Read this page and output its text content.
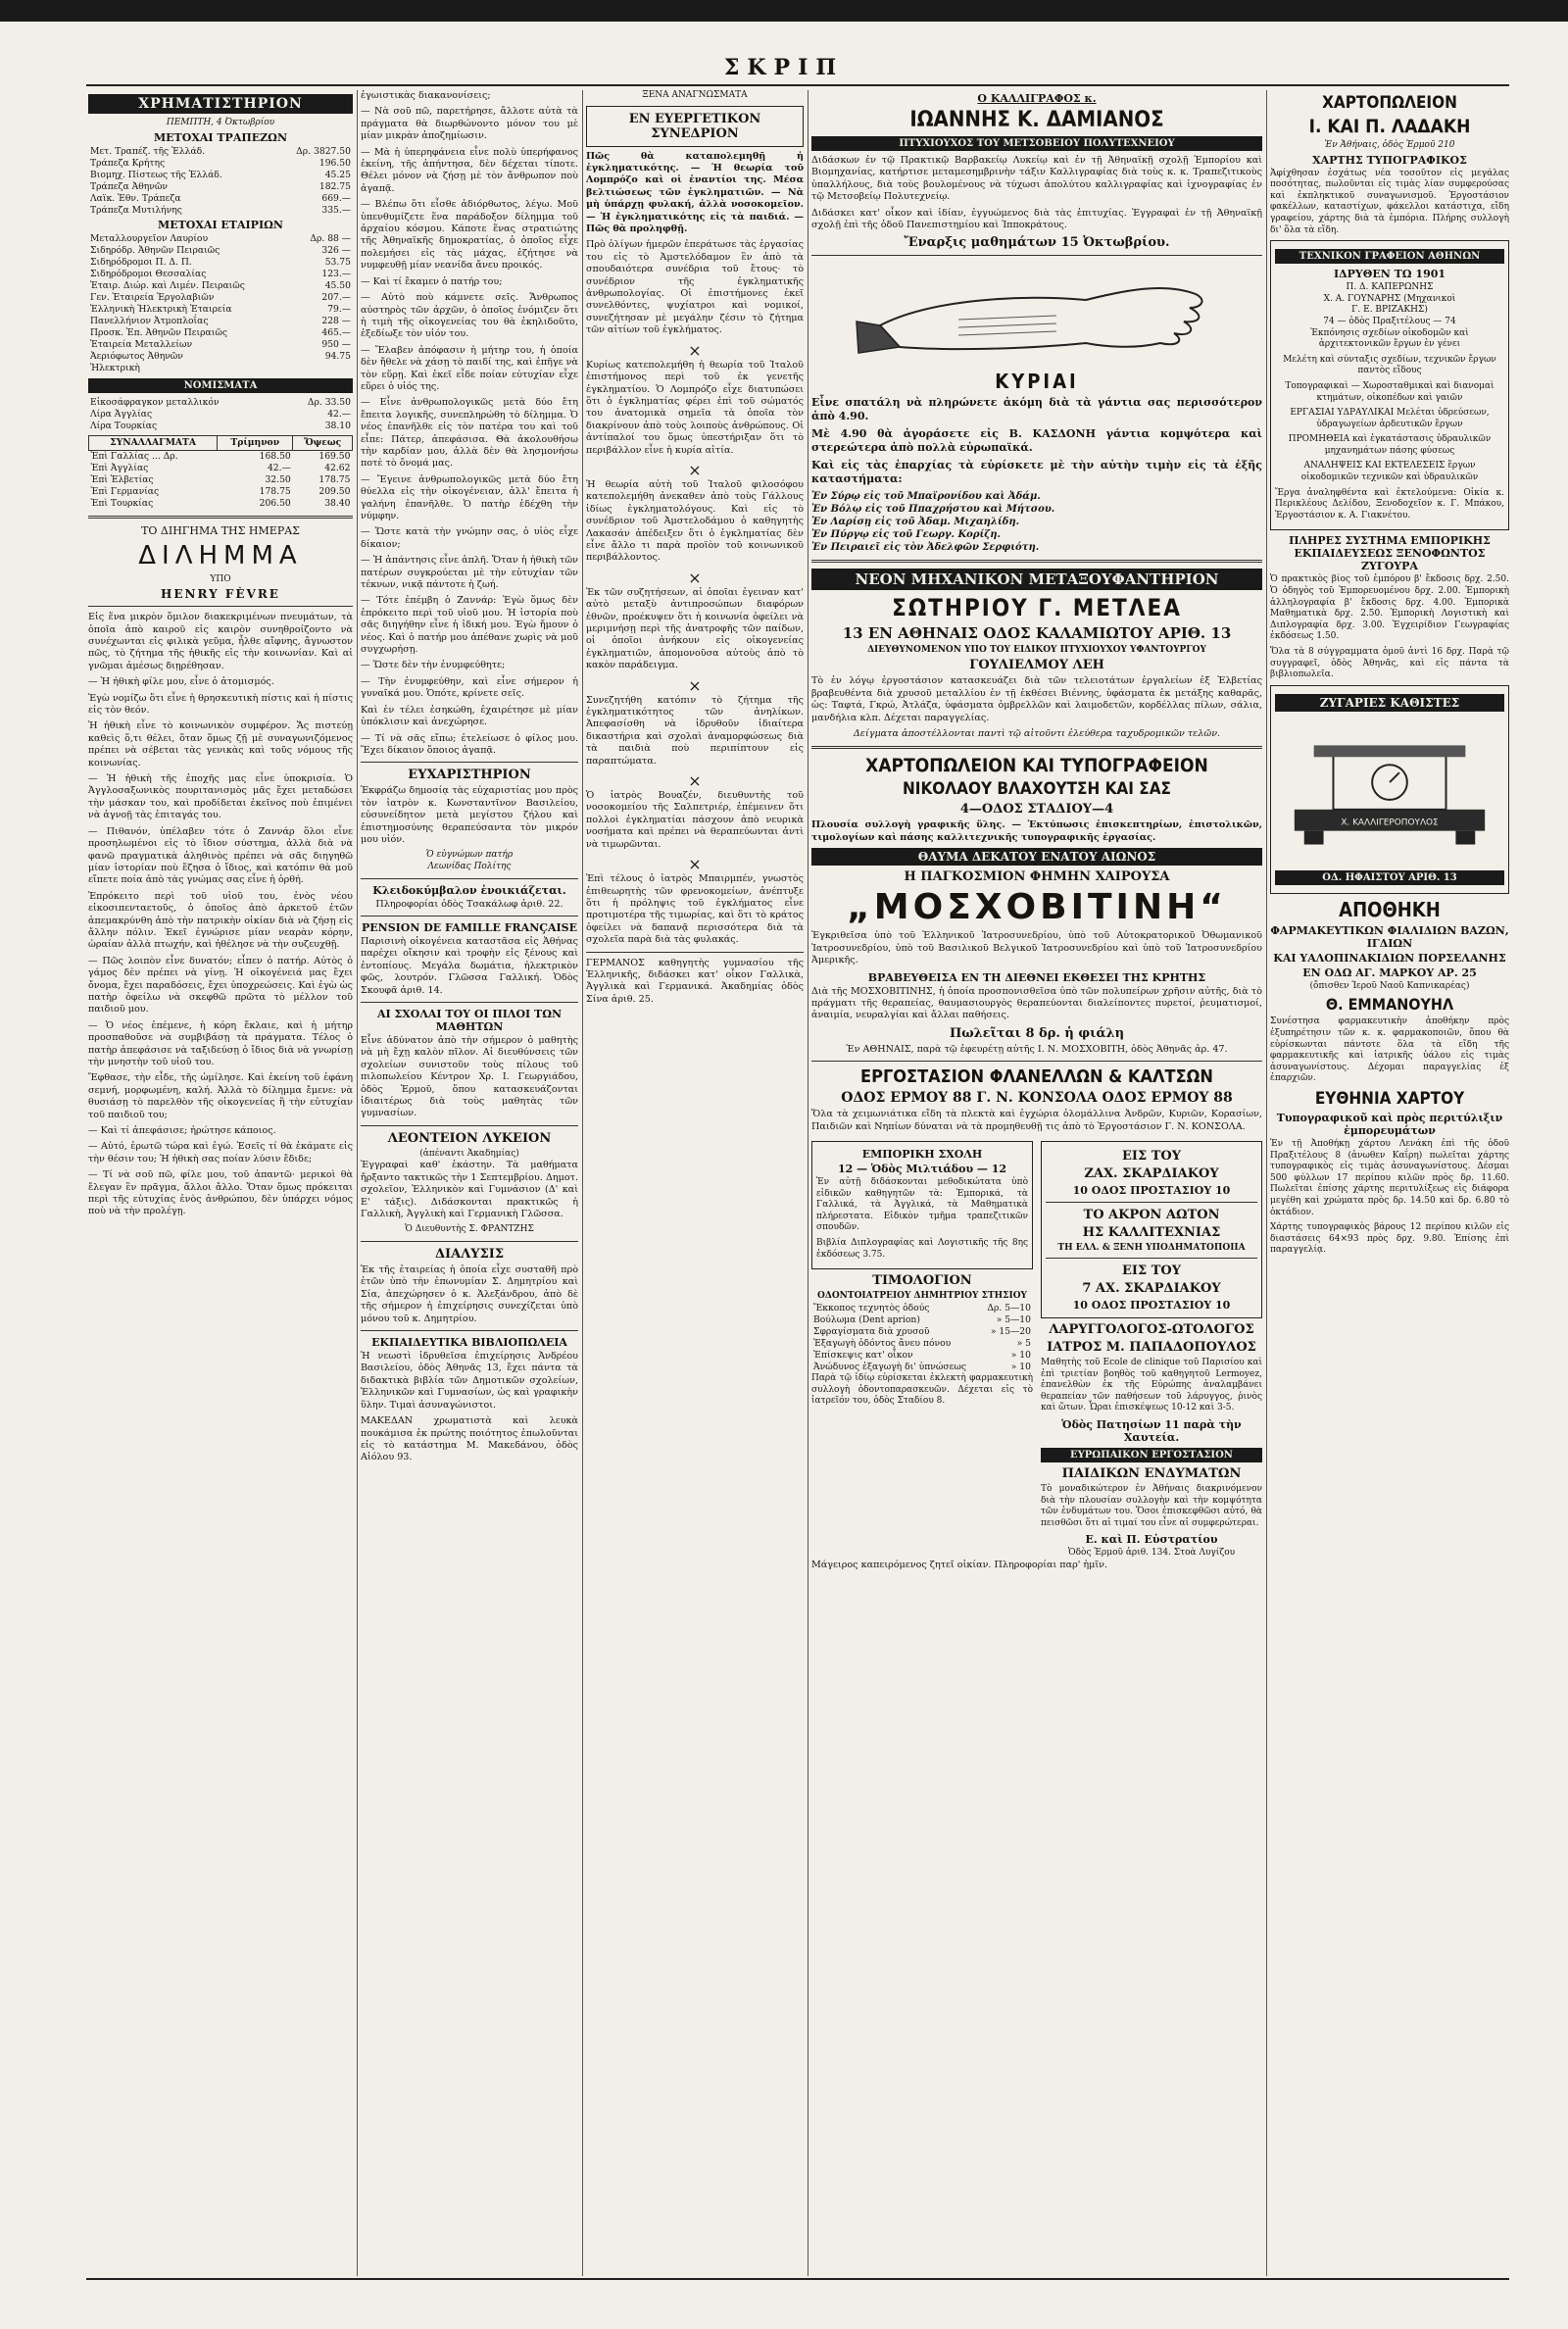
ΣΚΡΙΠ
ΧΡΗΜΑΤΙΣΤΗΡΙΟΝ
ΠΕΜΠΤΗ, 4 Όκτωβρίου
ΜΕΤΟΧΑΙ ΤΡΑΠΕΖΩΝ
Μετ. Τραπέζ. τῆς Ἑλλάδ.	Δρ. 3827.50
Τράπεζα Κρήτης	196.50
Βιομηχ. Πίστεως τῆς Ἑλλάδ.	45.25
Τράπεζα Ἀθηνῶν	182.75
Λαϊκ. Ἐθν. Τράπεζα	669.—
Τράπεζα Μυτιλήνης	335.—
ΜΕΤΟΧΑΙ ΕΤΑΙΡΙΩΝ
Μεταλλουργεῖον Λαυρίου	Δρ. 88 —
Σιδηρόδρ. Ἀθηνῶν Πειραιῶς	326 —
Σιδηρόδρομοι Π. Δ. Π.	53.75
Σιδηρόδρομοι Θεσσαλίας	123.—
Ἑταιρ. Διώρ. καὶ Λιμέν. Πειραιῶς	45.50
Γεν. Ἑταιρεία Ἐργολαβιῶν	207.—
Ἑλληνικὴ Ἠλεκτρικὴ Ἑταιρεία	79.—
Πανελλήνιον Ἀτμοπλοΐας	228 —
Προσκ. Ἐπ. Ἀθηνῶν Πειραιῶς	465.—
Ἑταιρεία Μεταλλείων	950 —
Ἀεριόφωτος Ἀθηνῶν	94.75
Ἠλεκτρικὴ	
ΝΟΜΙΣΜΑΤΑ
Εἰκοσάφραγκον μεταλλικόν	Δρ. 33.50
Λίρα Ἀγγλίας	42.—
Λίρα Τουρκίας	38.10
ΣΥΝΑΛΛΑΓΜΑΤΑ	Τρίμηνον	Ὄψεως
Ἐπὶ Γαλλίας ... Δρ.	168.50	169.50
Ἐπὶ Ἀγγλίας	42.—	42.62
Ἐπὶ Ἑλβετίας	32.50	178.75
Ἐπὶ Γερμανίας	178.75	209.50
Ἐπὶ Τουρκίας	206.50	38.40
ΤΟ ΔΙΗΓΗΜΑ ΤΗΣ ΗΜΕΡΑΣ
ΔΙΛΗΜΜΑ
ΥΠΟ
HENRY FÈVRE

Εἰς ἕνα μικρὸν ὅμιλον διακεκριμένων πνευμάτων, τὰ ὁποῖα ἀπὸ καιροῦ εἰς καιρὸν συνηθροίζοντο νὰ συνέχωνται εἰς φιλικὰ γεῦμα, ἦλθε αἴφνης, ἄγνωστον πῶς, τὸ ζήτημα τῆς ἠθικῆς εἰς τὴν κοινωνίαν. Καὶ αἱ γνῶμαι ἀμέσως διῃρέθησαν.

— Ἡ ἠθικὴ φίλε μου, εἶνε ὁ ἀτομισμός.

Ἐγὼ νομίζω ὅτι εἶνε ἡ θρησκευτικὴ πίστις καὶ ἡ πίστις εἰς τὸν θεόν.

Ἡ ἠθικὴ εἶνε τὸ κοινωνικὸν συμφέρον. Ἄς πιστεύῃ καθεὶς ὅ,τι θέλει, ὅταν ὅμως ζῇ μὲ συναγωνιζόμενος πρέπει νὰ σέβεται τὰς γενικὰς καὶ τοῦς νόμους τῆς κοινωνίας.

— Ἡ ἠθικὴ τῆς ἐποχῆς μας εἶνε ὑποκρισία. Ὁ Ἀγγλοσαξωνικὸς πουριτανισμὸς μᾶς ἔχει μεταδώσει τὴν μάσκαν του, καὶ προδίδεται ἐκεῖνος ποὺ ἐπιμένει νὰ ἀγνοῇ τὰς ἐπιταγάς του.

— Πιθανόν, ὑπέλαβεν τότε ὁ Ζαννάρ ὅλοι εἶνε προσηλωμένοι εἰς τὸ ἴδιον σύστημα, ἀλλὰ διὰ νὰ φανῶ πραγματικὰ ἀληθινὸς πρέπει νὰ σᾶς διηγηθῶ μίαν ἱστορίαν ποὺ ἔζησα ὁ ἴδιος, καὶ κατόπιν θὰ μοῦ εἴπετε ποία ἀπὸ τὰς γνώμας σας εἶνε ἡ ὀρθή.

Ἐπρόκειτο περὶ τοῦ υἱοῦ του, ἑνὸς νέου εἰκοσιπενταετοῦς, ὁ ὁποῖος ἀπὸ ἀρκετοῦ ἐτῶν ἀπεμακρύνθη ἀπὸ τὴν πατρικὴν οἰκίαν διὰ νὰ ζήσῃ εἰς ἄλλην πόλιν. Ἐκεῖ ἐγνώρισε μίαν νεαρὰν κόρην, ὡραίαν ἀλλὰ πτωχήν, καὶ ἠθέλησε νὰ τὴν συζευχθῇ.

— Πῶς λοιπὸν εἶνε δυνατόν; εἶπεν ὁ πατήρ. Αὐτὸς ὁ γάμος δὲν πρέπει νὰ γίνῃ. Ἡ οἰκογένειά μας ἔχει ὄνομα, ἔχει παραδόσεις, ἔχει ὑποχρεώσεις. Καὶ ἐγὼ ὡς πατὴρ ὀφείλω νὰ σκεφθῶ πρῶτα τὸ μέλλον τοῦ παιδιοῦ μου.

— Ὁ νέος ἐπέμενε, ἡ κόρη ἔκλαιε, καὶ ἡ μήτηρ προσπαθοῦσε νὰ συμβιβάσῃ τὰ πράγματα. Τέλος ὁ πατὴρ ἀπεφάσισε νὰ ταξιδεύσῃ ὁ ἴδιος διὰ νὰ γνωρίσῃ τὴν μνηστὴν τοῦ υἱοῦ του.

Ἔφθασε, τὴν εἶδε, τῆς ὡμίλησε. Καὶ ἐκείνη τοῦ ἐφάνη σεμνή, μορφωμένη, καλή. Ἀλλὰ τὸ δίλημμα ἔμενε: νὰ θυσιάσῃ τὸ παρελθὸν τῆς οἰκογενείας ἢ τὴν εὐτυχίαν τοῦ παιδιοῦ του;

— Καὶ τί ἀπεφάσισε; ἠρώτησε κάποιος.

— Αὐτό, ἐρωτῶ τώρα καὶ ἐγώ. Ἐσεῖς τί θὰ ἐκάματε εἰς τὴν θέσιν του; Ἡ ἠθικὴ σας ποίαν λύσιν ἔδιδε;

— Τί νὰ σοῦ πῶ, φίλε μου, τοῦ ἀπαντῶ· μερικοὶ θὰ ἔλεγαν ἓν πρᾶγμα, ἄλλοι ἄλλο. Ὅταν ὅμως πρόκειται περὶ τῆς εὐτυχίας ἑνὸς ἀνθρώπου, δὲν ὑπάρχει νόμος ποὺ νὰ τὴν προλέγῃ.

ἐγωιστικὰς διακανονίσεις;

— Νὰ σοῦ πῶ, παρετήρησε, ἄλλοτε αὐτὰ τὰ πράγματα θὰ διωρθώνοντο μόνον του μὲ μίαν μικρὰν ἀποζημίωσιν.

— Μὰ ἡ ὑπερηφάνεια εἶνε πολὺ ὑπερήφανος ἐκείνη, τῆς ἀπήντησα, δὲν δέχεται τίποτε. Θέλει μόνον νὰ ζήσῃ μὲ τὸν ἄνθρωπον ποὺ ἀγαπᾷ.

— Βλέπω ὅτι εἶσθε ἀδιόρθωτος, λέγω. Μοῦ ὑπενθυμίζετε ἕνα παράδοξον δίλημμα τοῦ ἀρχαίου κόσμου. Κάποτε ἕνας στρατιώτης τῆς Ἀθηναϊκῆς δημοκρατίας, ὁ ὁποῖος εἶχε πολεμήσει εἰς τὰς μάχας, ἐζήτησε νὰ νυμφευθῇ μίαν νεανίδα ἄνευ προικός.

— Καὶ τί ἔκαμεν ὁ πατήρ του;

— Αὐτὸ ποὺ κάμνετε σεῖς. Ἄνθρωπος αὐστηρὸς τῶν ἀρχῶν, ὁ ὁποῖος ἐνόμιζεν ὅτι ἡ τιμὴ τῆς οἰκογενείας του θὰ ἐκηλιδοῦτο, ἐξεδίωξε τὸν υἱόν του.

— Ἔλαβεν ἀπόφασιν ἡ μήτηρ του, ἡ ὁποία δὲν ἤθελε νὰ χάσῃ τὸ παιδί της, καὶ ἐπῆγε νὰ τὸν εὕρῃ. Καὶ ἐκεῖ εἶδε ποίαν εὐτυχίαν εἶχε εὕρει ὁ υἱός της.

— Εἶνε ἀνθρωπολογικῶς μετὰ δύο ἔτη ἔπειτα λογικῆς, συνεπληρώθη τὸ δίλημμα. Ὁ νέος ἐπανῆλθε εἰς τὸν πατέρα του καὶ τοῦ εἶπε: Πάτερ, ἀπεφάσισα. Θὰ ἀκολουθήσω τὴν καρδίαν μου, ἀλλὰ δὲν θὰ λησμονήσω ποτὲ τὸ ὄνομά μας.

— Ἔγεινε ἀνθρωπολογικῶς μετὰ δύο ἔτη θύελλα εἰς τὴν οἰκογένειαν, ἀλλ' ἔπειτα ἡ γαλήνη ἐπανῆλθε. Ὁ πατὴρ ἐδέχθη τὴν νύμφην.

— Ὥστε κατὰ τὴν γνώμην σας, ὁ υἱὸς εἶχε δίκαιον;

— Ἡ ἀπάντησις εἶνε ἁπλῆ. Ὅταν ἡ ἠθικὴ τῶν πατέρων συγκρούεται μὲ τὴν εὐτυχίαν τῶν τέκνων, νικᾷ πάντοτε ἡ ζωή.

— Τότε ἐπέμβη ὁ Ζαννάρ: Ἐγὼ ὅμως δὲν ἐπρόκειτο περὶ τοῦ υἱοῦ μου. Ἡ ἱστορία ποὺ σᾶς διηγήθην εἶνε ἡ ἰδική μου. Ἐγὼ ἤμουν ὁ νέος. Καὶ ὁ πατήρ μου ἀπέθανε χωρὶς νὰ μοῦ συγχωρήσῃ.

— Ὥστε δὲν τὴν ἐνυμφεύθητε;

— Τὴν ἐνυμφεύθην, καὶ εἶνε σήμερον ἡ γυναῖκά μου. Ὁπότε, κρίνετε σεῖς.

Καὶ ἐν τέλει ἐσηκώθη, ἐχαιρέτησε μὲ μίαν ὑπόκλισιν καὶ ἀνεχώρησε.

— Τί νὰ σᾶς εἴπω; ἐτελείωσε ὁ φίλος μου. Ἔχει δίκαιον ὅποιος ἀγαπᾷ.

ΕΥΧΑΡΙΣΤΗΡΙΟΝ

Ἐκφράζω δημοσίᾳ τὰς εὐχαριστίας μου πρὸς τὸν ἰατρὸν κ. Κωνσταντῖνον Βασιλείου, εὐσυνείδητον μετὰ μεγίστου ζήλου καὶ ἐπιστημοσύνης θεραπεύσαντα τὸν μικρόν μου υἱόν.

Ὁ εὐγνώμων πατήρ
Λεωνίδας Πολίτης
Κλειδοκύμβαλον ἐνοικιάζεται.

Πληροφορίαι ὁδὸς Τσακάλωφ ἀριθ. 22.

PENSION DE FAMILLE FRANÇAISE

Παρισινὴ οἰκογένεια καταστᾶσα εἰς Ἀθήνας παρέχει οἴκησιν καὶ τροφὴν εἰς ξένους καὶ ἐντοπίους. Μεγάλα δωμάτια, ἠλεκτρικὸν φῶς, λουτρόν. Γλῶσσα Γαλλική. Ὁδὸς Σκουφᾶ ἀριθ. 14.

ΑΙ ΣΧΟΛΑΙ ΤΟΥ ΟΙ ΠΙΛΟΙ ΤΩΝ ΜΑΘΗΤΩΝ

Εἶνε ἀδύνατον ἀπὸ τὴν σήμερον ὁ μαθητὴς νὰ μὴ ἔχῃ καλὸν πῖλον. Αἱ διευθύνσεις τῶν σχολείων συνιστοῦν τοὺς πίλους τοῦ πιλοπωλείου Κέντρον Χρ. Ι. Γεωργιάδου, ὁδὸς Ἑρμοῦ, ὅπου κατασκευάζονται ἰδιαιτέρως διὰ τοὺς μαθητὰς τῶν γυμνασίων.

ΛΕΟΝΤΕΙΟΝ ΛΥΚΕΙΟΝ
(ἀπέναντι Ἀκαδημίας)

Ἐγγραφαὶ καθ' ἑκάστην. Τὰ μαθήματα ἤρξαντο τακτικῶς τὴν 1 Σεπτεμβρίου. Δημοτ. σχολεῖον, Ἑλληνικὸν καὶ Γυμνάσιον (Δ' καὶ Ε' τάξις). Διδάσκονται πρακτικῶς ἡ Γαλλικὴ, Ἀγγλικὴ καὶ Γερμανικὴ Γλῶσσα.

Ὁ Διευθυντὴς Σ. ΦΡΑΝΤΖΗΣ
ΔΙΑΛΥΣΙΣ

Ἐκ τῆς ἑταιρείας ἡ ὁποία εἶχε συσταθῆ πρὸ ἐτῶν ὑπὸ τὴν ἐπωνυμίαν Σ. Δημητρίου καὶ Σία, ἀπεχώρησεν ὁ κ. Ἀλεξάνδρου, ἀπὸ δὲ τῆς σήμερον ἡ ἐπιχείρησις συνεχίζεται ὑπὸ μόνου τοῦ κ. Δημητρίου.

ΕΚΠΑΙΔΕΥΤΙΚΑ ΒΙΒΛΙΟΠΩΛΕΙΑ

Ἡ νεωστὶ ἱδρυθεῖσα ἐπιχείρησις Ἀνδρέου Βασιλείου, ὁδὸς Ἀθηνᾶς 13, ἔχει πάντα τὰ διδακτικὰ βιβλία τῶν Δημοτικῶν σχολείων, Ἑλληνικῶν καὶ Γυμνασίων, ὡς καὶ γραφικὴν ὕλην. Τιμαὶ ἀσυναγώνιστοι.

ΜΑΚΕΔΑΝ χρωματιστὰ καὶ λευκὰ πουκάμισα ἐκ πρώτης ποιότητος ἐπωλοῦνται εἰς τὸ κατάστημα Μ. Μακεδάνου, ὁδὸς Αἰόλου 93.

ΞΕΝΑ ΑΝΑΓΝΩΣΜΑΤΑ
ΕΝ ΕΥΕΡΓΕΤΙΚΟΝ ΣΥΝΕΔΡΙΟΝ

Πῶς θὰ καταπολεμηθῇ ἡ ἐγκληματικότης. — Ἡ θεωρία τοῦ Λομπρόζο καὶ οἱ ἐναντίοι της. Μέσα βελτιώσεως τῶν ἐγκληματιῶν. — Νὰ μὴ ὑπάρχῃ φυλακή, ἀλλὰ νοσοκομεῖον. — Ἡ ἐγκληματικότης εἰς τὰ παιδιά. — Πῶς θὰ προληφθῇ.

Πρὸ ὀλίγων ἡμερῶν ἐπεράτωσε τὰς ἐργασίας του εἰς τὸ Ἀμστελόδαμον ἓν ἀπὸ τὰ σπουδαιότερα συνέδρια τοῦ ἔτους· τὸ συνέδριον τῆς ἐγκληματικῆς ἀνθρωπολογίας. Οἱ ἐπιστήμονες ἐκεῖ συνελθόντες, ψυχίατροι καὶ νομικοί, συνεζήτησαν μὲ μεγάλην ζέσιν τὸ ζήτημα τῶν αἰτίων τοῦ ἐγκλήματος.

×

Κυρίως κατεπολεμήθη ἡ θεωρία τοῦ Ἰταλοῦ ἐπιστήμονος περὶ τοῦ ἐκ γενετῆς ἐγκληματίου. Ὁ Λομπρόζο εἶχε διατυπώσει ὅτι ὁ ἐγκληματίας φέρει ἐπὶ τοῦ σώματός του ἀνατομικὰ σημεῖα τὰ ὁποῖα τὸν διακρίνουν ἀπὸ τοὺς λοιποὺς ἀνθρώπους. Οἱ ἀντίπαλοί του ὅμως ὑπεστήριξαν ὅτι τὸ περιβάλλον εἶνε ἡ κυρία αἰτία.

×

Ἡ θεωρία αὐτὴ τοῦ Ἰταλοῦ φιλοσόφου κατεπολεμήθη ἀνεκαθεν ἀπὸ τοὺς Γάλλους ἰδίως ἐγκληματολόγους. Καὶ εἰς τὸ συνέδριον τοῦ Ἀμστελοδάμου ὁ καθηγητὴς Λακασάν ἀπέδειξεν ὅτι ὁ ἐγκληματίας δὲν εἶνε ἄλλο τι παρὰ προϊὸν τοῦ κοινωνικοῦ περιβάλλοντος.

×

Ἐκ τῶν συζητήσεων, αἱ ὁποῖαι ἐγειναν κατ' αὐτὸ μεταξὺ ἀντιπροσώπων διαφόρων ἐθνῶν, προέκυψεν ὅτι ἡ κοινωνία ὀφείλει νὰ μεριμνήσῃ περὶ τῆς ἀνατροφῆς τῶν παίδων, οἱ ὁποῖοι ἀνήκουν εἰς οἰκογενείας ἐγκληματιῶν, ἀπομονοῦσα αὐτοὺς ἀπὸ τὸ κακὸν παράδειγμα.

×

Συνεζητήθη κατόπιν τὸ ζήτημα τῆς ἐγκληματικότητος τῶν ἀνηλίκων. Ἀπεφασίσθη νὰ ἱδρυθοῦν ἰδιαίτερα δικαστήρια καὶ σχολαὶ ἀναμορφώσεως διὰ τὰ παιδιὰ ποὺ περιπίπτουν εἰς παραπτώματα.

×

Ὁ ἰατρὸς Βουαζέν, διευθυντὴς τοῦ νοσοκομείου τῆς Σαλπετριέρ, ἐπέμεινεν ὅτι πολλοὶ ἐγκληματίαι πάσχουν ἀπὸ νευρικὰ νοσήματα καὶ πρέπει νὰ θεραπεύωνται ἀντὶ νὰ τιμωρῶνται.

×

Ἐπὶ τέλους ὁ ἰατρὸς Μπαιρμπέν, γνωστὸς ἐπιθεωρητὴς τῶν φρενοκομείων, ἀνέπτυξε ὅτι ἡ πρόληψις τοῦ ἐγκλήματος εἶνε προτιμοτέρα τῆς τιμωρίας, καὶ ὅτι τὸ κράτος ὀφείλει νὰ δαπανᾷ περισσότερα διὰ τὰ σχολεῖα παρὰ διὰ τὰς φυλακάς.

ΓΕΡΜΑΝΟΣ καθηγητὴς γυμνασίου τῆς Ἑλληνικῆς, διδάσκει κατ' οἶκον Γαλλικὰ, Ἀγγλικὰ καὶ Γερμανικά. Ἀκαδημίας ὁδὸς Σίνα ἀριθ. 25.

Ο ΚΑΛΛΙΓΡΑΦΟΣ κ.
ΙΩΑΝΝΗΣ Κ. ΔΑΜΙΑΝΟΣ
ΠΤΥΧΙΟΥΧΟΣ ΤΟΥ ΜΕΤΣΟΒΕΙΟΥ ΠΟΛΥΤΕΧΝΕΙΟΥ

Διδάσκων ἐν τῷ Πρακτικῷ Βαρβακείῳ Λυκείῳ καὶ ἐν τῇ Ἀθηναϊκῇ σχολῇ Ἐμπορίου καὶ Βιομηχανίας, κατήρτισε μεταμεσημβρινὴν τάξιν Καλλιγραφίας διὰ τοὺς κ. κ. Τραπεζιτικοὺς ὑπαλλήλους, διὰ τοὺς βουλομένους νὰ τύχωσι ἀπολύτου καλλιγραφίας καὶ ἰχνογραφίας ἐν τῷ Μετσοβείῳ Πολυτεχνείῳ.

Διδάσκει κατ' οἶκον καὶ ἰδίαν, ἐγγυώμενος διὰ τὰς ἐπιτυχίας. Ἐγγραφαὶ ἐν τῇ Ἀθηναϊκῇ σχολῇ ἐπὶ τῆς ὁδοῦ Πανεπιστημίου καὶ Ἱπποκράτους.

Ἔναρξις μαθημάτων 15 Ὀκτωβρίου.
ΚΥΡΙΑΙ

Εἶνε σπατάλη νὰ πληρώνετε ἀκόμη διὰ τὰ γάντια σας περισσότερον ἀπὸ 4.90.

Μὲ 4.90 θὰ ἀγοράσετε εἰς Β. ΚΑΣΔΟΝΗ γάντια κομψότερα καὶ στερεώτερα ἀπὸ πολλὰ εὐρωπαϊκά.

Καὶ εἰς τὰς ἐπαρχίας τὰ εὑρίσκετε μὲ τὴν αὐτὴν τιμὴν εἰς τὰ ἑξῆς καταστήματα:

Ἐν Σύρῳ εἰς τοῦ Μπαϊρονίδου καὶ Ἀδάμ.
Ἐν Βόλῳ εἰς τοῦ Ππαχρήστου καὶ Μήτσου.
Ἐν Λαρίσῃ εἰς τοῦ Ἀδαμ. Μιχαηλίδη.
Ἐν Πύργῳ εἰς τοῦ Γεωργ. Κορίζη.
Ἐν Πειραιεῖ εἰς τὸν Ἀδελφῶν Σερφιότη.
ΝΕΟΝ ΜΗΧΑΝΙΚΟΝ ΜΕΤΑΞΟΥΦΑΝΤΗΡΙΟΝ
ΣΩΤΗΡΙΟΥ Γ. ΜΕΤΛΕΑ
13 ΕΝ ΑΘΗΝΑΙΣ ΟΔΟΣ ΚΑΛΑΜΙΩΤΟΥ ΑΡΙΘ. 13
ΔΙΕΥΘΥΝΟΜΕΝΟΝ ΥΠΟ ΤΟΥ ΕΙΔΙΚΟΥ ΠΤΥΧΙΟΥΧΟΥ ΥΦΑΝΤΟΥΡΓΟΥ
ΓΟΥΛΙΕΛΜΟΥ ΛΕΗ

Τὸ ἐν λόγῳ ἐργοστάσιον κατασκευάζει διὰ τῶν τελειοτάτων ἐργαλείων ἐξ Ἑλβετίας βραβευθέντα διὰ χρυσοῦ μεταλλίου ἐν τῇ ἐκθέσει Βιέννης, ὑφάσματα ἐκ μετάξης καθαρᾶς, ὡς: Ταφτά, Γκρώ, Ἀτλάζα, ὑφάσματα ὁμβρελλῶν καὶ λαιμοδετῶν, κορδέλλας πίλων, σάλια, μανδήλια κλπ. Δέχεται παραγγελίας.

Δείγματα ἀποστέλλονται παντὶ τῷ αἰτοῦντι ἐλεύθερα ταχυδρομικῶν τελῶν.

ΧΑΡΤΟΠΩΛΕΙΟΝ ΚΑΙ ΤΥΠΟΓΡΑΦΕΙΟΝ
ΝΙΚΟΛΑΟΥ ΒΛΑΧΟΥΤΣΗ ΚΑΙ ΣΑΣ
4—ΟΔΟΣ ΣΤΑΔΙΟΥ—4

Πλουσία συλλογὴ γραφικῆς ὕλης. — Ἐκτύπωσις ἐπισκεπτηρίων, ἐπιστολικῶν, τιμολογίων καὶ πάσης καλλιτεχνικῆς τυπογραφικῆς ἐργασίας.

ΘΑΥΜΑ ΔΕΚΑΤΟΥ ΕΝΑΤΟΥ ΑΙΩΝΟΣ
Η ΠΑΓΚΟΣΜΙΟΝ ΦΗΜΗΝ ΧΑΙΡΟΥΣΑ
„ΜΟΣΧΟΒΙΤΙΝΗ“

Ἐγκριθεῖσα ὑπὸ τοῦ Ἑλληνικοῦ Ἰατροσυνεδρίου, ὑπὸ τοῦ Αὐτοκρατορικοῦ Ὀθωμανικοῦ Ἰατροσυνεδρίου, ὑπὸ τοῦ Βασιλικοῦ Βελγικοῦ Ἰατροσυνεδρίου καὶ ὑπὸ τοῦ Ἰατροσυνεδρίου Ἀμερικῆς.

ΒΡΑΒΕΥΘΕΙΣΑ ΕΝ ΤΗ ΔΙΕΘΝΕΙ ΕΚΘΕΣΕΙ ΤΗΣ ΚΡΗΤΗΣ

Διὰ τῆς ΜΟΣΧΟΒΙΤΙΝΗΣ, ἡ ὁποία προσπονισθεῖσα ὑπὸ τῶν πολυπείρων χρῆσιν αὐτῆς, διὰ τὸ πράγματι τῆς θεραπείας, θαυμασιουργὸς θεραπεύονται διαλείποντες πυρετοί, ῥευματισμοί, ἀναιμία, νευραλγίαι καὶ ἄλλαι παθήσεις.

Πωλεῖται 8 δρ. ἡ φιάλη

Ἐν ΑΘΗΝΑΙΣ, παρὰ τῷ ἐφευρέτῃ αὐτῆς Ι. Ν. ΜΟΣΧΟΒΙΤΗ, ὁδὸς Ἀθηνᾶς ἀρ. 47.

ΕΡΓΟΣΤΑΣΙΟΝ ΦΛΑΝΕΛΛΩΝ & ΚΑΛΤΣΩΝ
ΟΔΟΣ ΕΡΜΟΥ 88 Γ. Ν. ΚΟΝΣΟΛΑ ΟΔΟΣ ΕΡΜΟΥ 88

Ὅλα τὰ χειμωνιάτικα εἴδη τὰ πλεκτὰ καὶ ἐγχώρια ὁλομάλλινα Ἀνδρῶν, Κυριῶν, Κορασίων, Παιδιῶν καὶ Νηπίων δύναται νὰ τὰ προμηθευθῇ τις ἀπὸ τὸ Ἐργοστάσιον Γ. Ν. ΚΟΝΣΟΛΑ.

ΕΜΠΟΡΙΚΗ ΣΧΟΛΗ
12 — Ὁδὸς Μιλτιάδου — 12

Ἐν αὐτῇ διδάσκονται μεθοδικώτατα ὑπὸ εἰδικῶν καθηγητῶν τὰ: Ἐμπορικά, τὰ Γαλλικά, τὰ Ἀγγλικά, τὰ Μαθηματικὰ πλήρεστατα. Εἰδικὸν τμῆμα τραπεζιτικῶν σπουδῶν.

Βιβλία Διπλογραφίας καὶ Λογιστικῆς τῆς 8ης ἐκδόσεως 3.75.

ΤΙΜΟΛΟΓΙΟΝ
ΟΔΟΝΤΟΙΑΤΡΕΙΟΥ ΔΗΜΗΤΡΙΟΥ ΣΤΗΣΙΟΥ
Ἔκκοπος τεχνητὸς ὀδούς	Δρ. 5—10
Βούλωμα (Dent aprion)	» 5—10
Σφραγίσματα διὰ χρυσοῦ	» 15—20
Ἐξαγωγὴ ὀδόντος ἄνευ πόνου	» 5
Ἐπίσκεψις κατ' οἶκον	» 10
Ἀνώδυνος ἐξαγωγὴ δι' ὑπνώσεως	» 10

Παρὰ τῷ ἰδίῳ εὑρίσκεται ἐκλεκτὴ φαρμακευτικὴ συλλογὴ ὀδοντοπαρασκευῶν. Δέχεται εἰς τὸ ἰατρεῖόν του, ὁδὸς Σταδίου 8.

ΕΙΣ ΤΟΥ
ΖΑΧ. ΣΚΑΡΔΙΑΚΟΥ
10 ΟΔΟΣ ΠΡΟΣΤΑΣΙΟΥ 10
ΤΟ ΑΚΡΟΝ ΑΩΤΟΝ
ΗΣ ΚΑΛΛΙΤΕΧΝΙΑΣ
ΤΗ ΕΛΛ. & ΞΕΝΗ ΥΠΟΔΗΜΑΤΟΠΟΙΙΑ
ΕΙΣ ΤΟΥ
7 ΑΧ. ΣΚΑΡΔΙΑΚΟΥ
10 ΟΔΟΣ ΠΡΟΣΤΑΣΙΟΥ 10
ΛΑΡΥΓΓΟΛΟΓΟΣ-ΩΤΟΛΟΓΟΣ
ΙΑΤΡΟΣ Μ. ΠΑΠΑΔΟΠΟΥΛΟΣ

Μαθητὴς τοῦ Ecole de clinique τοῦ Παρισίου καὶ ἐπὶ τριετίαν βοηθὸς τοῦ καθηγητοῦ Lermoyez, ἐπανελθὼν ἐκ τῆς Εὐρώπης ἀναλαμβάνει θεραπείαν τῶν παθήσεων τοῦ λάρυγγος, ῥινὸς καὶ ὤτων. Ὧραι ἐπισκέψεως 10-12 καὶ 3-5.

Ὁδὸς Πατησίων 11 παρὰ τὴν Χαυτεία.
ΕΥΡΩΠΑΙΚΟΝ ΕΡΓΟΣΤΑΣΙΟΝ
ΠΑΙΔΙΚΩΝ ΕΝΔΥΜΑΤΩΝ

Τὸ μοναδικώτερον ἐν Ἀθήναις διακρινόμενον διὰ τὴν πλουσίαν συλλογὴν καὶ τὴν κομψότητα τῶν ἐνδυμάτων του. Ὅσοι ἐπισκεφθῶσι αὐτό, θὰ πεισθῶσι ὅτι αἱ τιμαί του εἶνε αἱ συμφερώτεραι.

Ε. καὶ Π. Εὐστρατίου
Ὁδὸς Ἑρμοῦ ἀριθ. 134. Στοὰ Λυγίζου

Μάγειρος καπειρόμενος ζητεῖ οἰκίαν. Πληροφορίαι παρ' ἡμῖν.

ΧΑΡΤΟΠΩΛΕΙΟΝ
Ι. ΚΑΙ Π. ΛΑΔΑΚΗ
Ἐν Ἀθήναις, ὁδὸς Ἑρμοῦ 210
ΧΑΡΤΗΣ ΤΥΠΟΓΡΑΦΙΚΟΣ

Ἀφίχθησαν ἐσχάτως νέα τοσοῦτον εἰς μεγάλας ποσότητας, πωλοῦνται εἰς τιμὰς λίαν συμφερούσας καὶ ἐκπληκτικοῦ συναγωνισμοῦ. Ἐργοστάσιον φακέλλων, καταστίχων, φάκελλοι κατάστιχα, εἴδη γραφείου, χάρτης διὰ τὰ ἐμπόρια. Πλήρης συλλογὴ δι' ὅλα τὰ εἴδη.

ΤΕΧΝΙΚΟΝ ΓΡΑΦΕΙΟΝ ΑΘΗΝΩΝ
ΙΔΡΥΘΕΝ ΤΩ 1901
Π. Δ. ΚΑΠΕΡΩΝΗΣ
Χ. Α. ΓΟΥΝΑΡΗΣ (Μηχανικοὶ
Γ. Ε. ΒΡΙΖΑΚΗΣ)
74 — ὁδὸς Πραξιτέλους — 74

Ἐκπόνησις σχεδίων οἰκοδομῶν καὶ ἀρχιτεκτονικῶν ἔργων ἐν γένει

Μελέτη καὶ σύνταξις σχεδίων, τεχνικῶν ἔργων παντὸς εἴδους

Τοπογραφικαὶ — Χωροσταθμικαὶ καὶ διανομαὶ κτημάτων, οἰκοπέδων καὶ γαιῶν

ΕΡΓΑΣΙΑΙ ΥΔΡΑΥΛΙΚΑΙ Μελέται ὑδρεύσεων, ὑδραγωγείων ἀρδευτικῶν ἔργων

ΠΡΟΜΗΘΕΙΑ καὶ ἐγκατάστασις ὑδραυλικῶν μηχανημάτων πάσης φύσεως

ΑΝΑΛΗΨΕΙΣ ΚΑΙ ΕΚΤΕΛΕΣΕΙΣ ἔργων οἰκοδομικῶν τεχνικῶν καὶ ὑδραυλικῶν

Ἔργα ἀναληφθέντα καὶ ἐκτελούμενα: Οἰκία κ. Περικλέους Δελίδου, Ξενοδοχεῖον κ. Γ. Μπάκου, Ἐργοστάσιον κ. Α. Γιακνέτου.

ΠΛΗΡΕΣ ΣΥΣΤΗΜΑ ΕΜΠΟΡΙΚΗΣ ΕΚΠΑΙΔΕΥΣΕΩΣ ΞΕΝΟΦΩΝΤΟΣ ΖΥΓΟΥΡΑ

Ὁ πρακτικὸς βίος τοῦ ἐμπόρου β' ἔκδοσις δρχ. 2.50. Ὁ ὁδηγὸς τοῦ Ἐμπορευομένου δρχ. 2.00. Ἐμπορικὴ ἀλληλογραφία β' ἔκδοσις δρχ. 4.00. Ἐμπορικὰ Μαθηματικὰ δρχ. 2.50. Ἐμπορικὴ Λογιστικὴ καὶ Διπλογραφία δρχ. 3.00. Ἐγχειρίδιον Γεωγραφίας ἐκδόσεως 1.50.

Ὅλα τὰ 8 σύγγραμματα ὁμοῦ ἀντὶ 16 δρχ. Παρὰ τῷ συγγραφεῖ, ὁδὸς Ἀθηνᾶς, καὶ εἰς πάντα τὰ βιβλιοπωλεῖα.

ΖΥΓΑΡΙΕΣ ΚΑΘΙΣΤΕΣ
Χ. ΚΑΛΛΙΓΕΡΟΠΟΥΛΟΣ
ΟΔ. ΗΦΑΙΣΤΟΥ ΑΡΙΘ. 13
ΑΠΟΘΗΚΗ
ΦΑΡΜΑΚΕΥΤΙΚΩΝ ΦΙΑΛΙΔΙΩΝ ΒΑΖΩΝ, ΙΓΔΙΩΝ
ΚΑΙ ΥΑΛΟΠΙΝΑΚΙΔΙΩΝ ΠΟΡΣΕΛΑΝΗΣ
ΕΝ ΟΔΩ ΑΓ. ΜΑΡΚΟΥ ΑΡ. 25
(ὄπισθεν Ἱεροῦ Ναοῦ Καπνικαρέας)
Θ. ΕΜΜΑΝΟΥΗΛ

Συνέστησα φαρμακευτικὴν ἀποθήκην πρὸς ἐξυπηρέτησιν τῶν κ. κ. φαρμακοποιῶν, ὅπου θὰ εὑρίσκωνται πάντοτε ὅλα τὰ εἴδη τῆς φαρμακευτικῆς καὶ ἰατρικῆς ὑάλου εἰς τιμὰς ἀσυναγωνίστους. Δέχομαι παραγγελίας ἐξ ἐπαρχιῶν.

ΕΥΘΗΝΙΑ ΧΑΡΤΟΥ
Τυπογραφικοῦ καὶ πρὸς περιτύλιξιν ἐμπορευμάτων

Ἐν τῇ Ἀποθήκῃ χάρτου Λενάκη ἐπὶ τῆς ὁδοῦ Πραξιτέλους 8 (ἀνωθεν Καΐρη) πωλεῖται χάρτης τυπογραφικὸς εἰς τιμὰς ἀσυναγωνίστους. Δέσμαι 500 φύλλων 17 περίπου κιλῶν πρὸς δρ. 11.60. Πωλεῖται ἐπίσης χάρτης περιτυλίξεως εἰς διάφορα μεγέθη καὶ χρώματα πρὸς δρ. 14.50 καὶ δρ. 6.80 τὸ ὀκτάδιον.

Χάρτης τυπογραφικὸς βάρους 12 περίπου κιλῶν εἰς διαστάσεις 64×93 πρὸς δρχ. 9.80. Ἐπίσης ἐπὶ παραγγελίᾳ.
